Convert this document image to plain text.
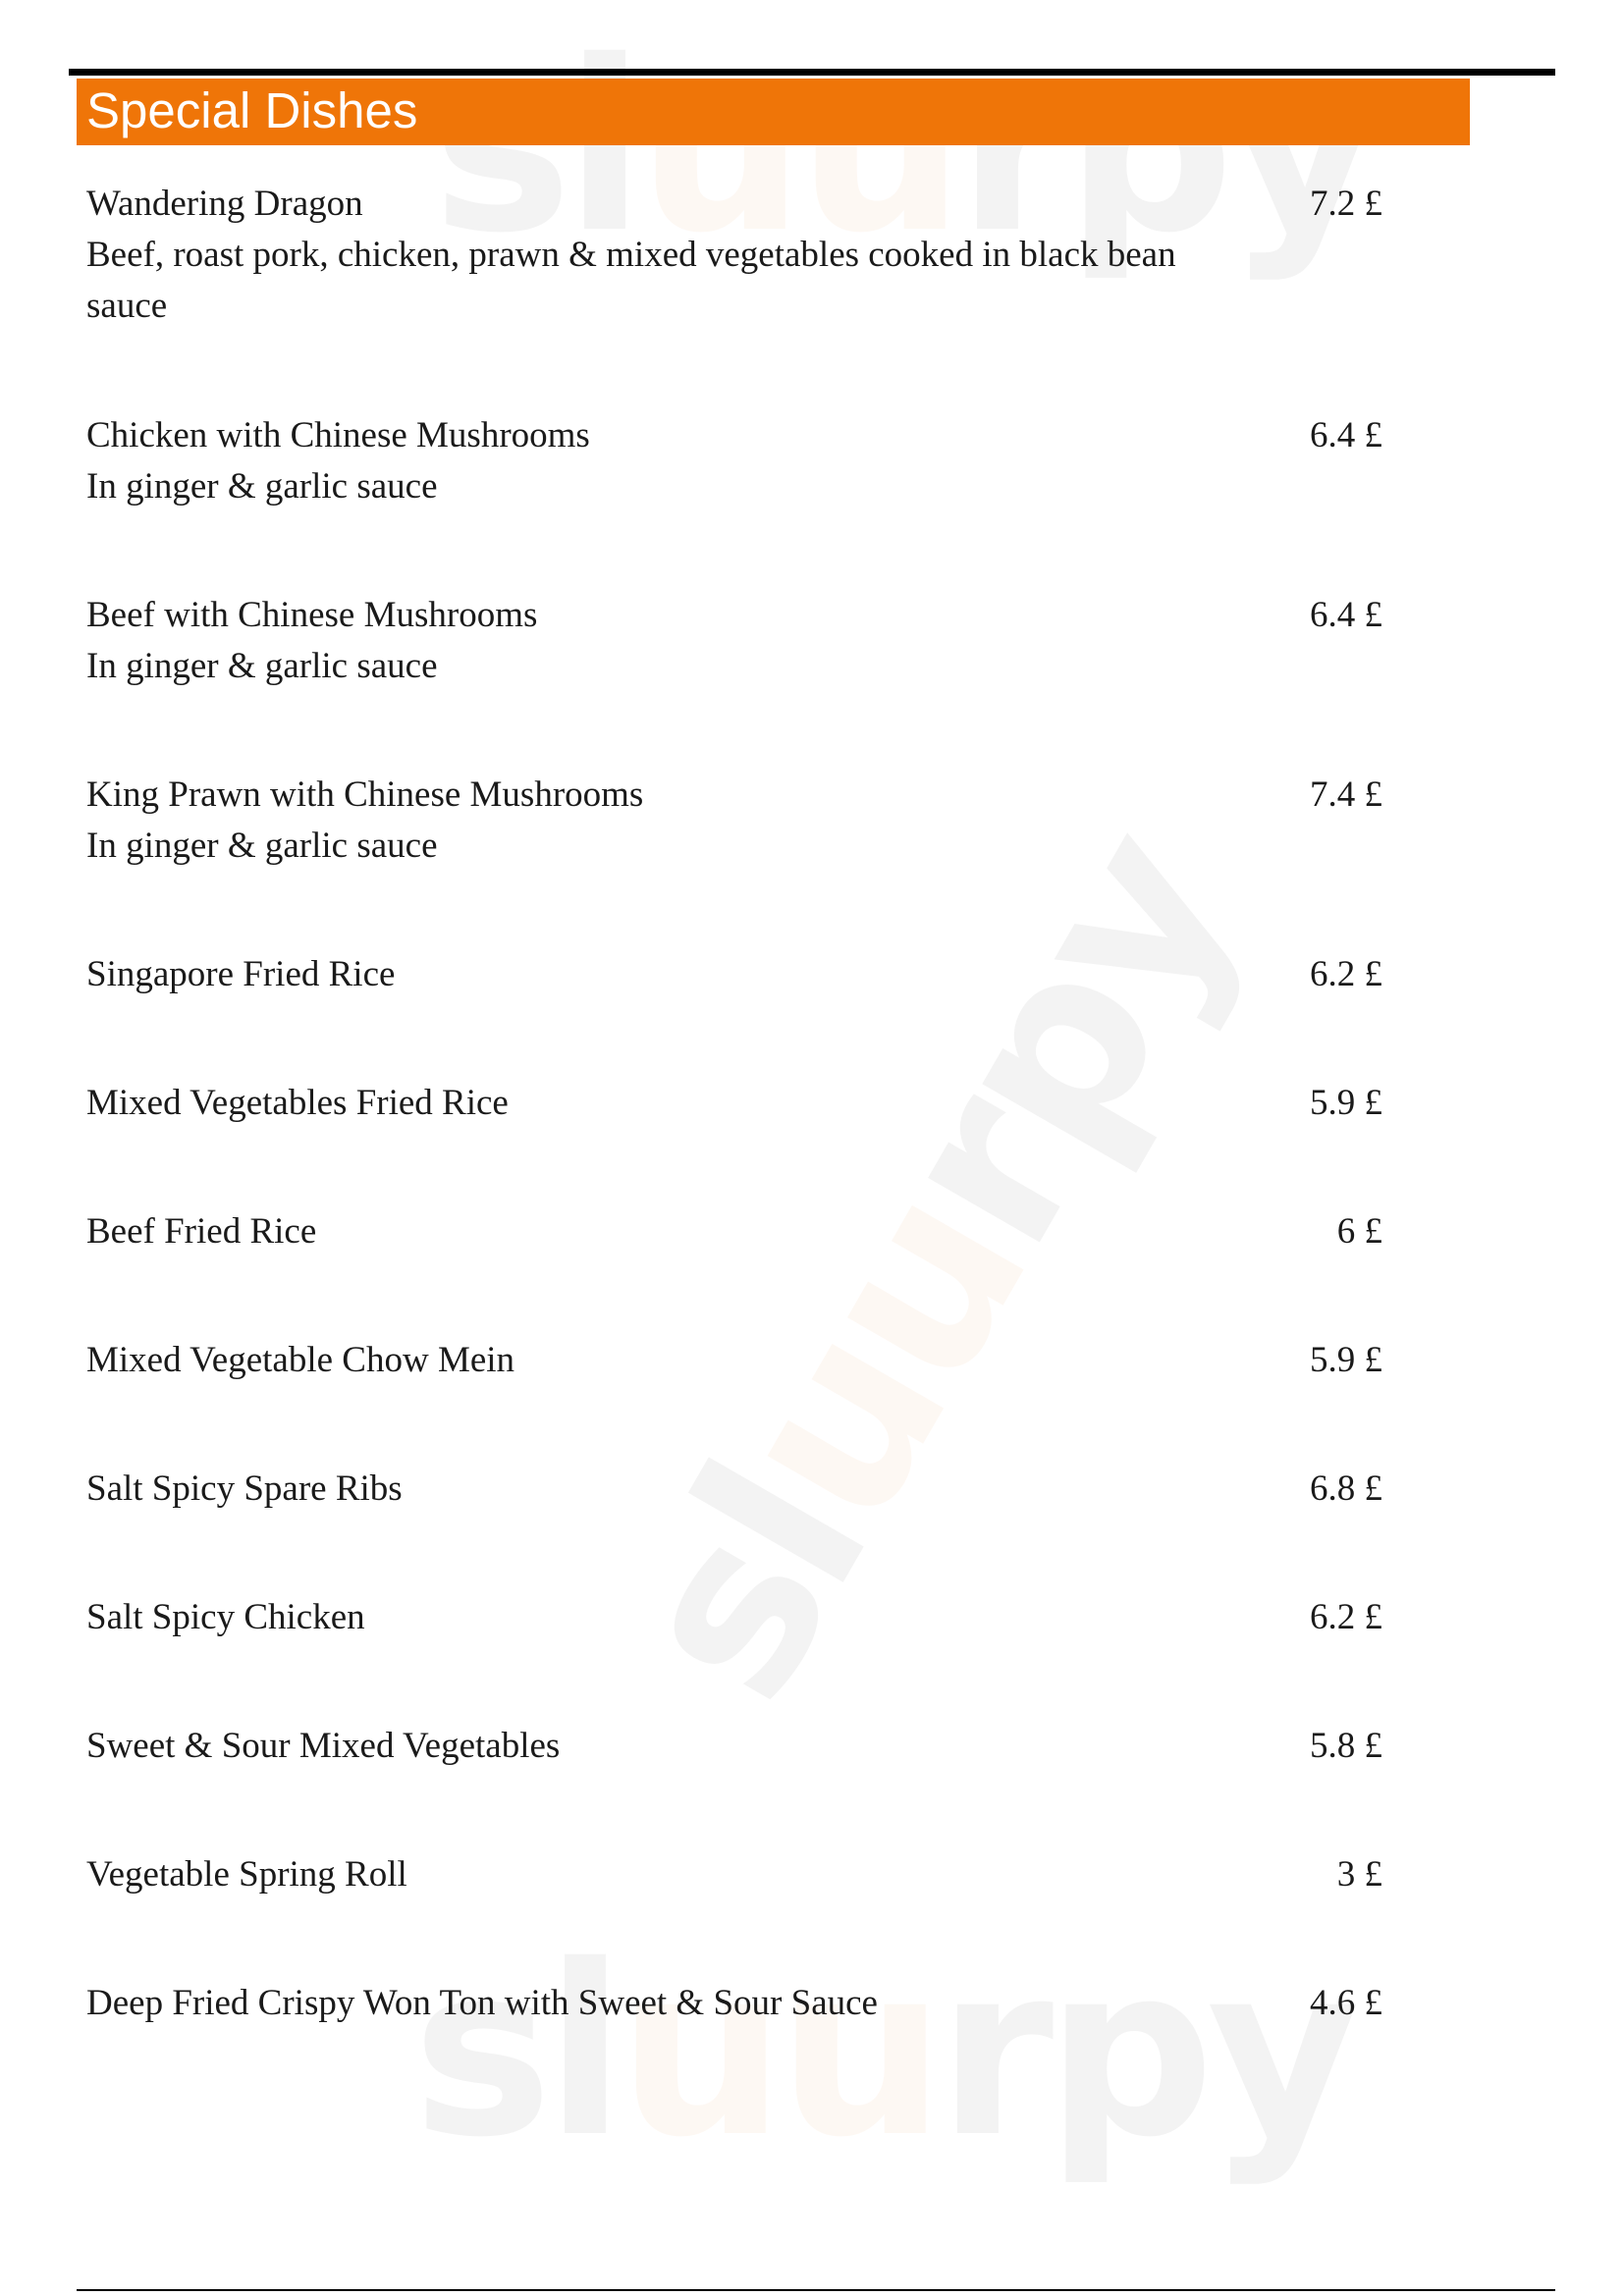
Special Dishes
Wandering Dragon
Beef, roast pork, chicken, prawn & mixed vegetables cooked in black bean sauce
7.2 £
Chicken with Chinese Mushrooms
In ginger & garlic sauce
6.4 £
Beef with Chinese Mushrooms
In ginger & garlic sauce
6.4 £
King Prawn with Chinese Mushrooms
In ginger & garlic sauce
7.4 £
Singapore Fried Rice	6.2 £
Mixed Vegetables Fried Rice	5.9 £
Beef Fried Rice	6 £
Mixed Vegetable Chow Mein	5.9 £
Salt Spicy Spare Ribs	6.8 £
Salt Spicy Chicken	6.2 £
Sweet & Sour Mixed Vegetables	5.8 £
Vegetable Spring Roll	3 £
Deep Fried Crispy Won Ton with Sweet & Sour Sauce	4.6 £
